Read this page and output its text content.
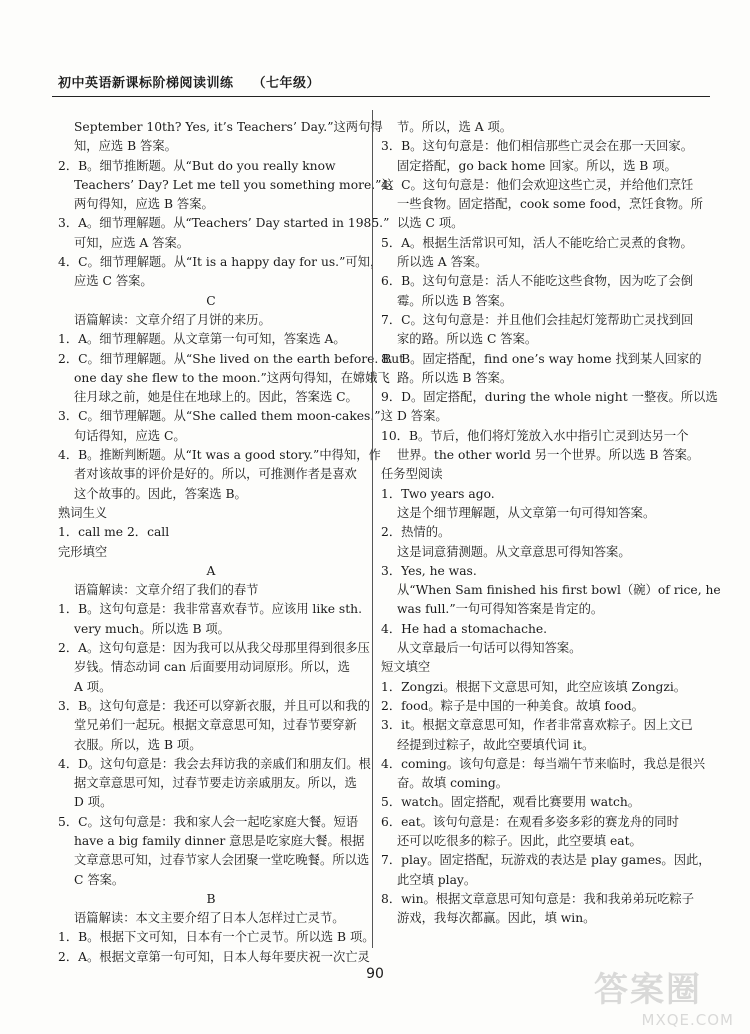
初中英语新课标阶梯阅读训练 （七年级）
September 10th? Yes, it’s Teachers’ Day.”这两句得
知，应选 B 答案。
2．B。细节推断题。从“But do you really know
Teachers’ Day? Let me tell you something more.”这
两句得知，应选 B 答案。
3．A。细节理解题。从“Teachers’ Day started in 1985.”
可知，应选 A 答案。
4．C。细节理解题。从“It is a happy day for us.”可知，
应选 C 答案。
C
语篇解读：文章介绍了月饼的来历。
1．A。细节理解题。从文章第一句可知，答案选 A。
2．C。细节理解题。从“She lived on the earth before. But
one day she flew to the moon.”这两句得知，在嫦娥飞
往月球之前，她是住在地球上的。因此，答案选 C。
3．C。细节理解题。从“She called them moon-cakes.”这
句话得知，应选 C。
4．B。推断判断题。从“It was a good story.”中得知，作
者对该故事的评价是好的。所以，可推测作者是喜欢
这个故事的。因此，答案选 B。
熟词生义
1．call me 2．call
完形填空
A
语篇解读：文章介绍了我们的春节
1．B。这句句意是：我非常喜欢春节。应该用 like sth.
very much。所以选 B 项。
2．A。这句句意是：因为我可以从我父母那里得到很多压
岁钱。情态动词 can 后面要用动词原形。所以，选
A 项。
3．B。这句句意是：我还可以穿新衣服，并且可以和我的
堂兄弟们一起玩。根据文章意思可知，过春节要穿新
衣服。所以，选 B 项。
4．D。这句句意是：我会去拜访我的亲戚们和朋友们。根
据文章意思可知，过春节要走访亲戚朋友。所以，选
D 项。
5．C。这句句意是：我和家人会一起吃家庭大餐。短语
have a big family dinner 意思是吃家庭大餐。根据
文章意思可知，过春节家人会团聚一堂吃晚餐。所以选
C 答案。
B
语篇解读：本文主要介绍了日本人怎样过亡灵节。
1．B。根据下文可知，日本有一个亡灵节。所以选 B 项。
2．A。根据文章第一句可知，日本人每年要庆祝一次亡灵
节。所以，选 A 项。
3．B。这句句意是：他们相信那些亡灵会在那一天回家。
固定搭配，go back home 回家。所以，选 B 项。
4．C。这句句意是：他们会欢迎这些亡灵，并给他们烹饪
一些食物。固定搭配，cook some food，烹饪食物。所
以选 C 项。
5．A。根据生活常识可知，活人不能吃给亡灵煮的食物。
所以选 A 答案。
6．B。这句句意是：活人不能吃这些食物，因为吃了会倒
霉。所以选 B 答案。
7．C。这句句意是：并且他们会挂起灯笼帮助亡灵找到回
家的路。所以选 C 答案。
8．B。固定搭配，find one’s way home 找到某人回家的
路。所以选 B 答案。
9．D。固定搭配，during the whole night 一整夜。所以选
D 答案。
10．B。节后，他们将灯笼放入水中指引亡灵到达另一个
世界。the other world 另一个世界。所以选 B 答案。
任务型阅读
1．Two years ago.
这是个细节理解题，从文章第一句可得知答案。
2．热情的。
这是词意猜测题。从文章意思可得知答案。
3．Yes, he was.
从“When Sam finished his first bowl（碗）of rice, he
was full.”一句可得知答案是肯定的。
4．He had a stomachache.
从文章最后一句话可以得知答案。
短文填空
1．Zongzi。根据下文意思可知，此空应该填 Zongzi。
2．food。粽子是中国的一种美食。故填 food。
3．it。根据文章意思可知，作者非常喜欢粽子。因上文已
经提到过粽子，故此空要填代词 it。
4．coming。该句句意是：每当端午节来临时，我总是很兴
奋。故填 coming。
5．watch。固定搭配，观看比赛要用 watch。
6．eat。该句句意是：在观看多姿多彩的赛龙舟的同时
还可以吃很多的粽子。因此，此空要填 eat。
7．play。固定搭配，玩游戏的表达是 play games。因此，
此空填 play。
8．win。根据文章意思可知句意是：我和我弟弟玩吃粽子
游戏，我每次都赢。因此，填 win。
90	答案圈
MXQE.COM
